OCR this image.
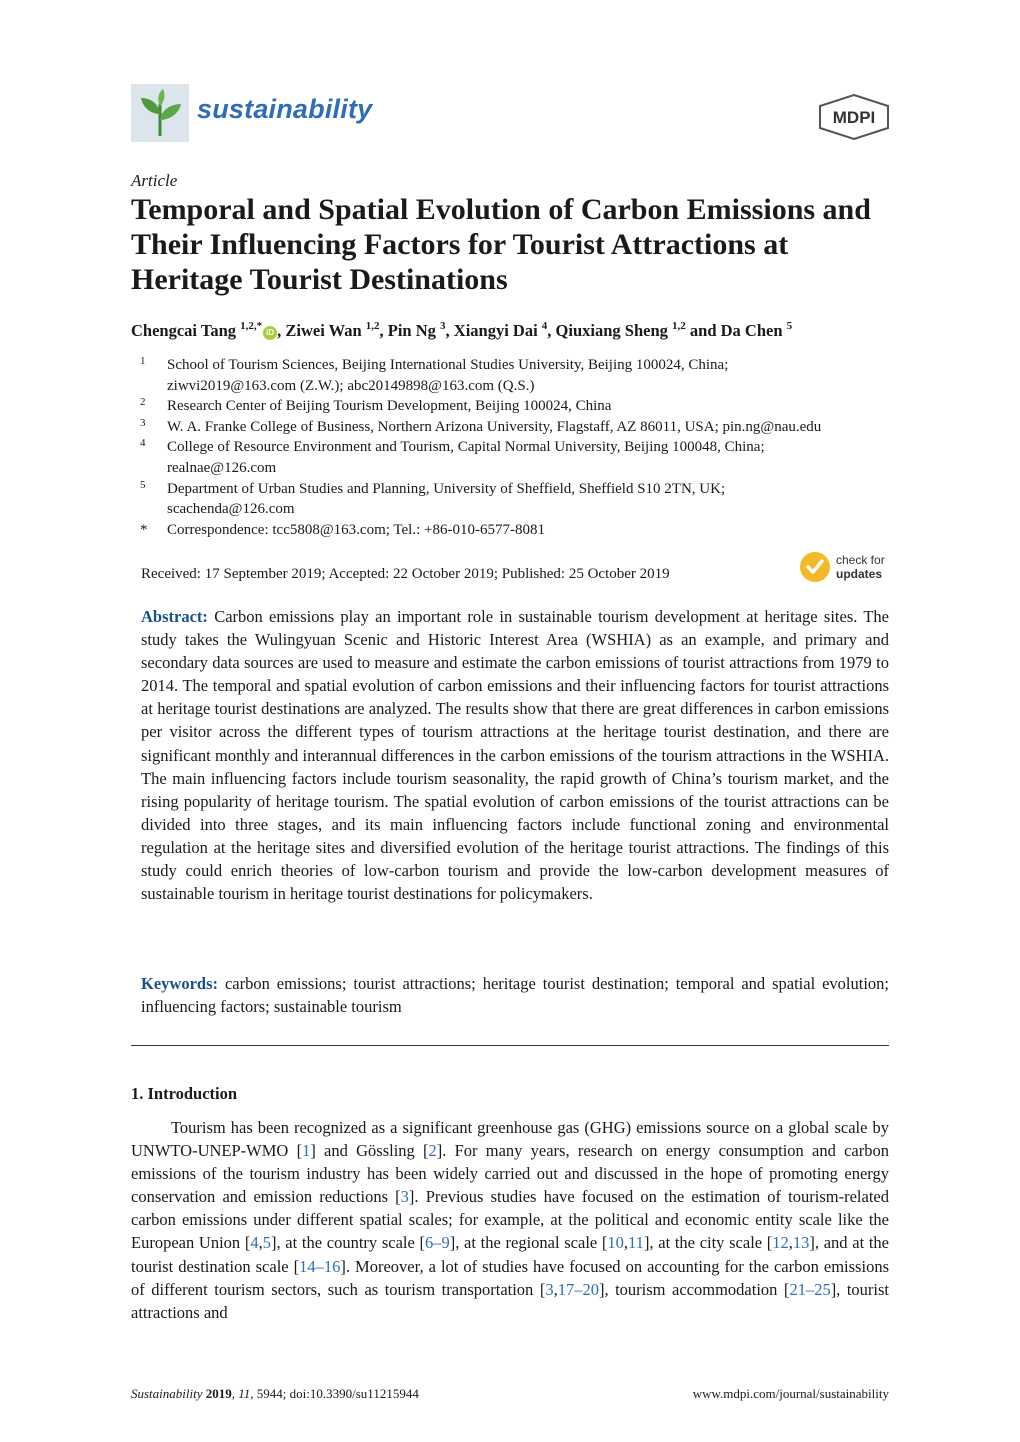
sustainability	MDPI
Article
Temporal and Spatial Evolution of Carbon Emissions and Their Influencing Factors for Tourist Attractions at Heritage Tourist Destinations
Chengcai Tang $^{1,2,*}$iD , Ziwei Wan $^{1,2}$, Pin Ng $^3$, Xiangyi Dai $^4$, Qiuxiang Sheng $^{1,2}$ and Da Chen $^5$
1 School of Tourism Sciences, Beijing International Studies University, Beijing 100024, China;
ziwvi2019@163.com (Z.W.); abc20149898@163.com (Q.S.)
2 Research Center of Beijing Tourism Development, Beijing 100024, China
3 W. A. Franke College of Business, Northern Arizona University, Flagstaff, AZ 86011, USA; pin.ng@nau.edu
4 College of Resource Environment and Tourism, Capital Normal University, Beijing 100048, China;
realnae@126.com
5 Department of Urban Studies and Planning, University of Sheffield, Sheffield S10 2TN, UK;
scachenda@126.com
* Correspondence: tcc5808@163.com; Tel.: +86-010-6577-8081
Received: 17 September 2019; Accepted: 22 October 2019; Published: 25 October 2019
check for
updates

Abstract: Carbon emissions play an important role in sustainable tourism development at heritage sites. The study takes the Wulingyuan Scenic and Historic Interest Area (WSHIA) as an example, and primary and secondary data sources are used to measure and estimate the carbon emissions of tourist attractions from 1979 to 2014. The temporal and spatial evolution of carbon emissions and their influencing factors for tourist attractions at heritage tourist destinations are analyzed. The results show that there are great differences in carbon emissions per visitor across the different types of tourism attractions at the heritage tourist destination, and there are significant monthly and interannual differences in the carbon emissions of the tourism attractions in the WSHIA. The main influencing factors include tourism seasonality, the rapid growth of China’s tourism market, and the rising popularity of heritage tourism. The spatial evolution of carbon emissions of the tourist attractions can be divided into three stages, and its main influencing factors include functional zoning and environmental regulation at the heritage sites and diversified evolution of the heritage tourist attractions. The findings of this study could enrich theories of low-carbon tourism and provide the low-carbon development measures of sustainable tourism in heritage tourist destinations for policymakers.

Keywords: carbon emissions; tourist attractions; heritage tourist destination; temporal and spatial evolution; influencing factors; sustainable tourism

1. Introduction

Tourism has been recognized as a significant greenhouse gas (GHG) emissions source on a global scale by UNWTO-UNEP-WMO [1] and Gössling [2]. For many years, research on energy consumption and carbon emissions of the tourism industry has been widely carried out and discussed in the hope of promoting energy conservation and emission reductions [3]. Previous studies have focused on the estimation of tourism-related carbon emissions under different spatial scales; for example, at the political and economic entity scale like the European Union [4,5], at the country scale [6–9], at the regional scale [10,11], at the city scale [12,13], and at the tourist destination scale [14–16]. Moreover, a lot of studies have focused on accounting for the carbon emissions of different tourism sectors, such as tourism transportation [3,17–20], tourism accommodation [21–25], tourist attractions and

Sustainability 2019, 11, 5944; doi:10.3390/su11215944	www.mdpi.com/journal/sustainability
